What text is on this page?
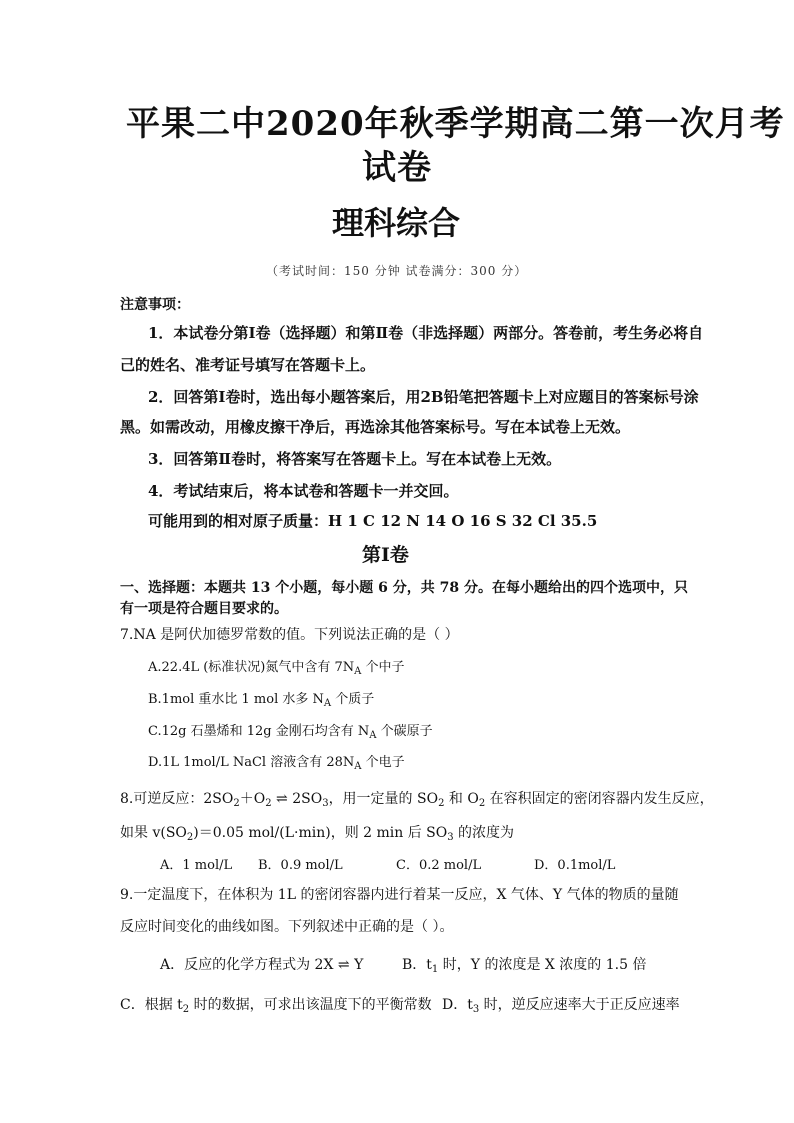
平果二中2020年秋季学期高二第一次月考
试卷
理科综合
（考试时间：150 分钟 试卷满分：300 分）
注意事项：
1．本试卷分第Ⅰ卷（选择题）和第Ⅱ卷（非选择题）两部分。答卷前，考生务必将自
己的姓名、准考证号填写在答题卡上。
2．回答第Ⅰ卷时，选出每小题答案后，用2B铅笔把答题卡上对应题目的答案标号涂
黑。如需改动，用橡皮擦干净后，再选涂其他答案标号。写在本试卷上无效。
3．回答第Ⅱ卷时，将答案写在答题卡上。写在本试卷上无效。
4．考试结束后，将本试卷和答题卡一并交回。
可能用到的相对原子质量：H 1 C 12 N 14 O 16 S 32 Cl 35.5
第Ⅰ卷
一、选择题：本题共 13 个小题，每小题 6 分，共 78 分。在每小题给出的四个选项中，只
有一项是符合题目要求的。
7.NA 是阿伏加德罗常数的值。下列说法正确的是（ ）
A.22.4L (标准状况)氮气中含有 $7N_A$ 个中子
B.1mol 重水比 1 mol 水多 $N_A$ 个质子
C.12g 石墨烯和 12g 金刚石均含有 $N_A$ 个碳原子
D.1L 1mol/L NaCl 溶液含有 $28N_A$ 个电子
8.可逆反应：$2SO_2+O_2$ ⇌ $2SO_3$，用一定量的 $SO_2$ 和 $O_2$ 在容积固定的密闭容器内发生反应，
如果 $v(SO_2)=0.05$ mol/(L·min)，则 2 min 后 $SO_3$ 的浓度为
A．1 mol/L B．0.9 mol/L	C．0.2 mol/L	D．0.1mol/L
9.一定温度下，在体积为 1L 的密闭容器内进行着某一反应，X 气体、Y 气体的物质的量随
反应时间变化的曲线如图。下列叙述中正确的是（ ）。
A．反应的化学方程式为 2X ⇌ Y	B．$t_1$ 时，Y 的浓度是 X 浓度的 1.5 倍
C．根据 $t_2$ 时的数据，可求出该温度下的平衡常数 D．$t_3$ 时，逆反应速率大于正反应速率
